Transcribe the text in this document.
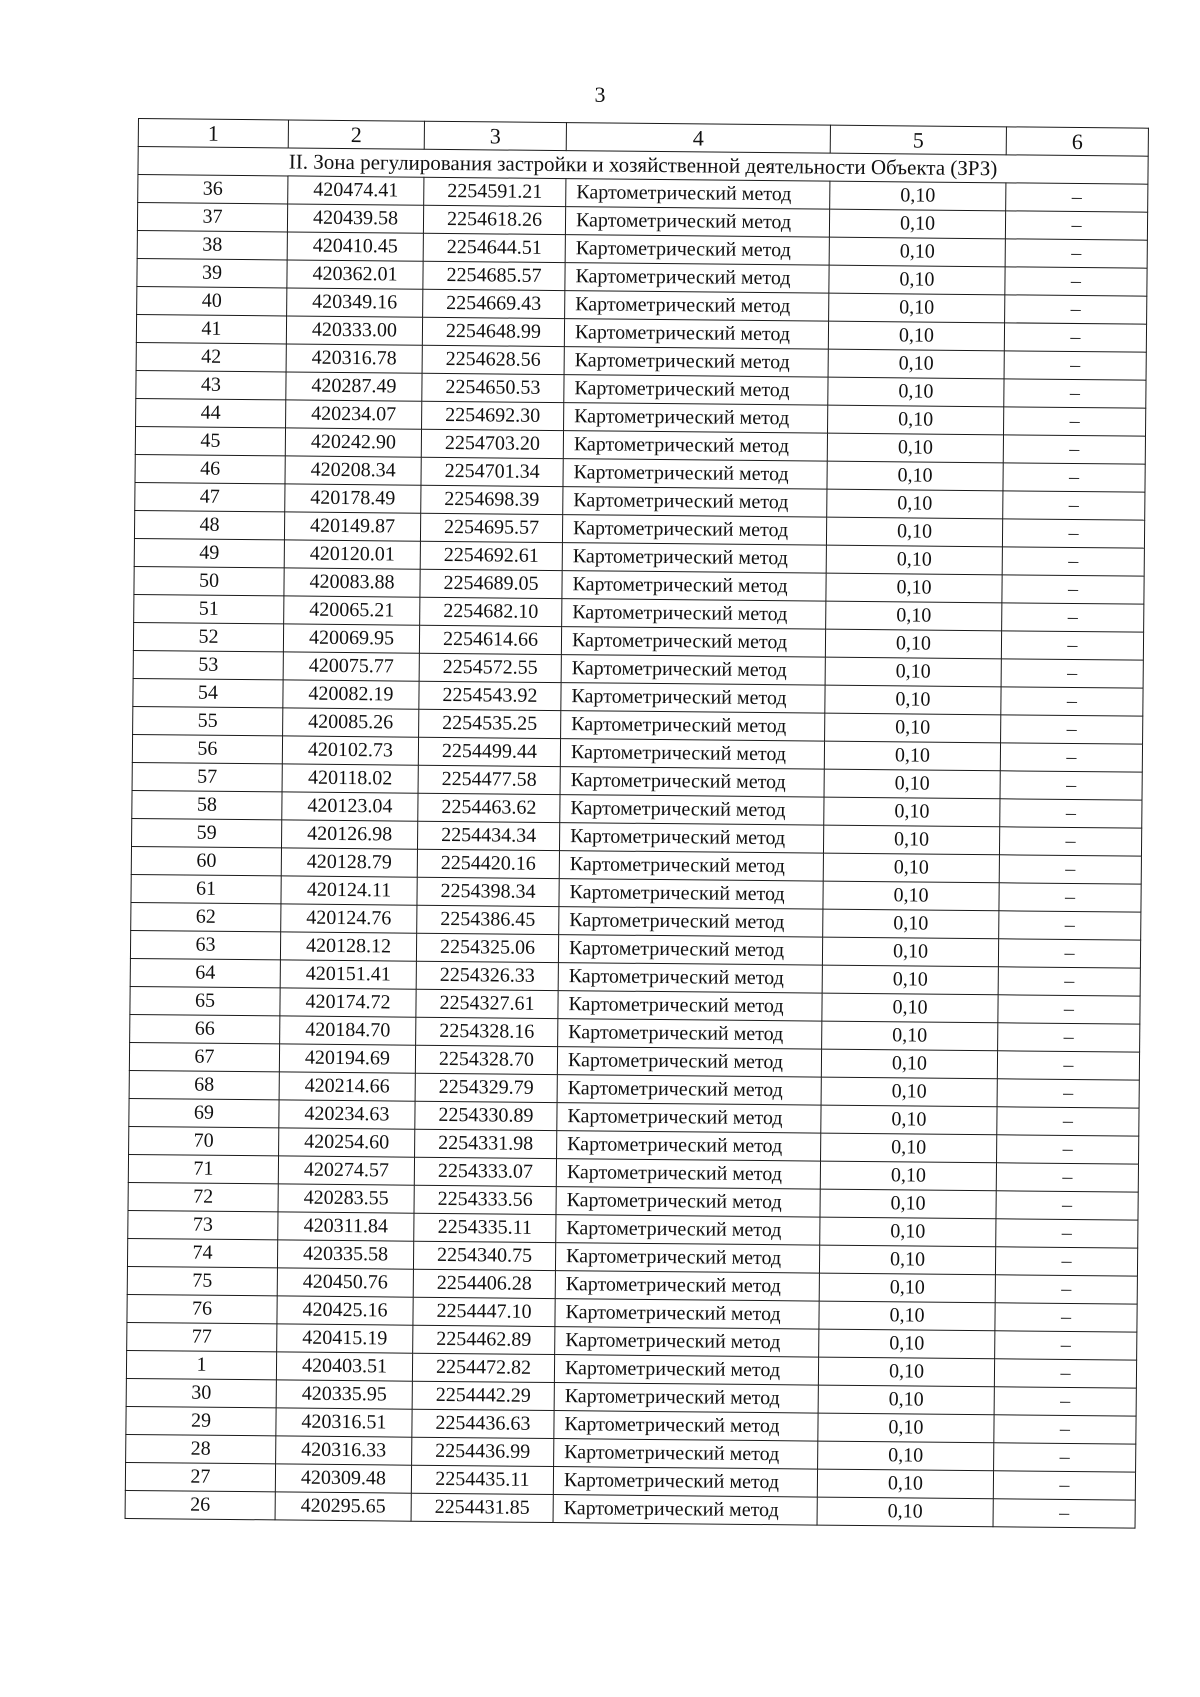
3
1	2	3	4	5	6
II. Зона регулирования застройки и хозяйственной деятельности Объекта (ЗРЗ)					
36	420474.41	2254591.21	Картометрический метод	0,10	–
37	420439.58	2254618.26	Картометрический метод	0,10	–
38	420410.45	2254644.51	Картометрический метод	0,10	–
39	420362.01	2254685.57	Картометрический метод	0,10	–
40	420349.16	2254669.43	Картометрический метод	0,10	–
41	420333.00	2254648.99	Картометрический метод	0,10	–
42	420316.78	2254628.56	Картометрический метод	0,10	–
43	420287.49	2254650.53	Картометрический метод	0,10	–
44	420234.07	2254692.30	Картометрический метод	0,10	–
45	420242.90	2254703.20	Картометрический метод	0,10	–
46	420208.34	2254701.34	Картометрический метод	0,10	–
47	420178.49	2254698.39	Картометрический метод	0,10	–
48	420149.87	2254695.57	Картометрический метод	0,10	–
49	420120.01	2254692.61	Картометрический метод	0,10	–
50	420083.88	2254689.05	Картометрический метод	0,10	–
51	420065.21	2254682.10	Картометрический метод	0,10	–
52	420069.95	2254614.66	Картометрический метод	0,10	–
53	420075.77	2254572.55	Картометрический метод	0,10	–
54	420082.19	2254543.92	Картометрический метод	0,10	–
55	420085.26	2254535.25	Картометрический метод	0,10	–
56	420102.73	2254499.44	Картометрический метод	0,10	–
57	420118.02	2254477.58	Картометрический метод	0,10	–
58	420123.04	2254463.62	Картометрический метод	0,10	–
59	420126.98	2254434.34	Картометрический метод	0,10	–
60	420128.79	2254420.16	Картометрический метод	0,10	–
61	420124.11	2254398.34	Картометрический метод	0,10	–
62	420124.76	2254386.45	Картометрический метод	0,10	–
63	420128.12	2254325.06	Картометрический метод	0,10	–
64	420151.41	2254326.33	Картометрический метод	0,10	–
65	420174.72	2254327.61	Картометрический метод	0,10	–
66	420184.70	2254328.16	Картометрический метод	0,10	–
67	420194.69	2254328.70	Картометрический метод	0,10	–
68	420214.66	2254329.79	Картометрический метод	0,10	–
69	420234.63	2254330.89	Картометрический метод	0,10	–
70	420254.60	2254331.98	Картометрический метод	0,10	–
71	420274.57	2254333.07	Картометрический метод	0,10	–
72	420283.55	2254333.56	Картометрический метод	0,10	–
73	420311.84	2254335.11	Картометрический метод	0,10	–
74	420335.58	2254340.75	Картометрический метод	0,10	–
75	420450.76	2254406.28	Картометрический метод	0,10	–
76	420425.16	2254447.10	Картометрический метод	0,10	–
77	420415.19	2254462.89	Картометрический метод	0,10	–
1	420403.51	2254472.82	Картометрический метод	0,10	–
30	420335.95	2254442.29	Картометрический метод	0,10	–
29	420316.51	2254436.63	Картометрический метод	0,10	–
28	420316.33	2254436.99	Картометрический метод	0,10	–
27	420309.48	2254435.11	Картометрический метод	0,10	–
26	420295.65	2254431.85	Картометрический метод	0,10	–
